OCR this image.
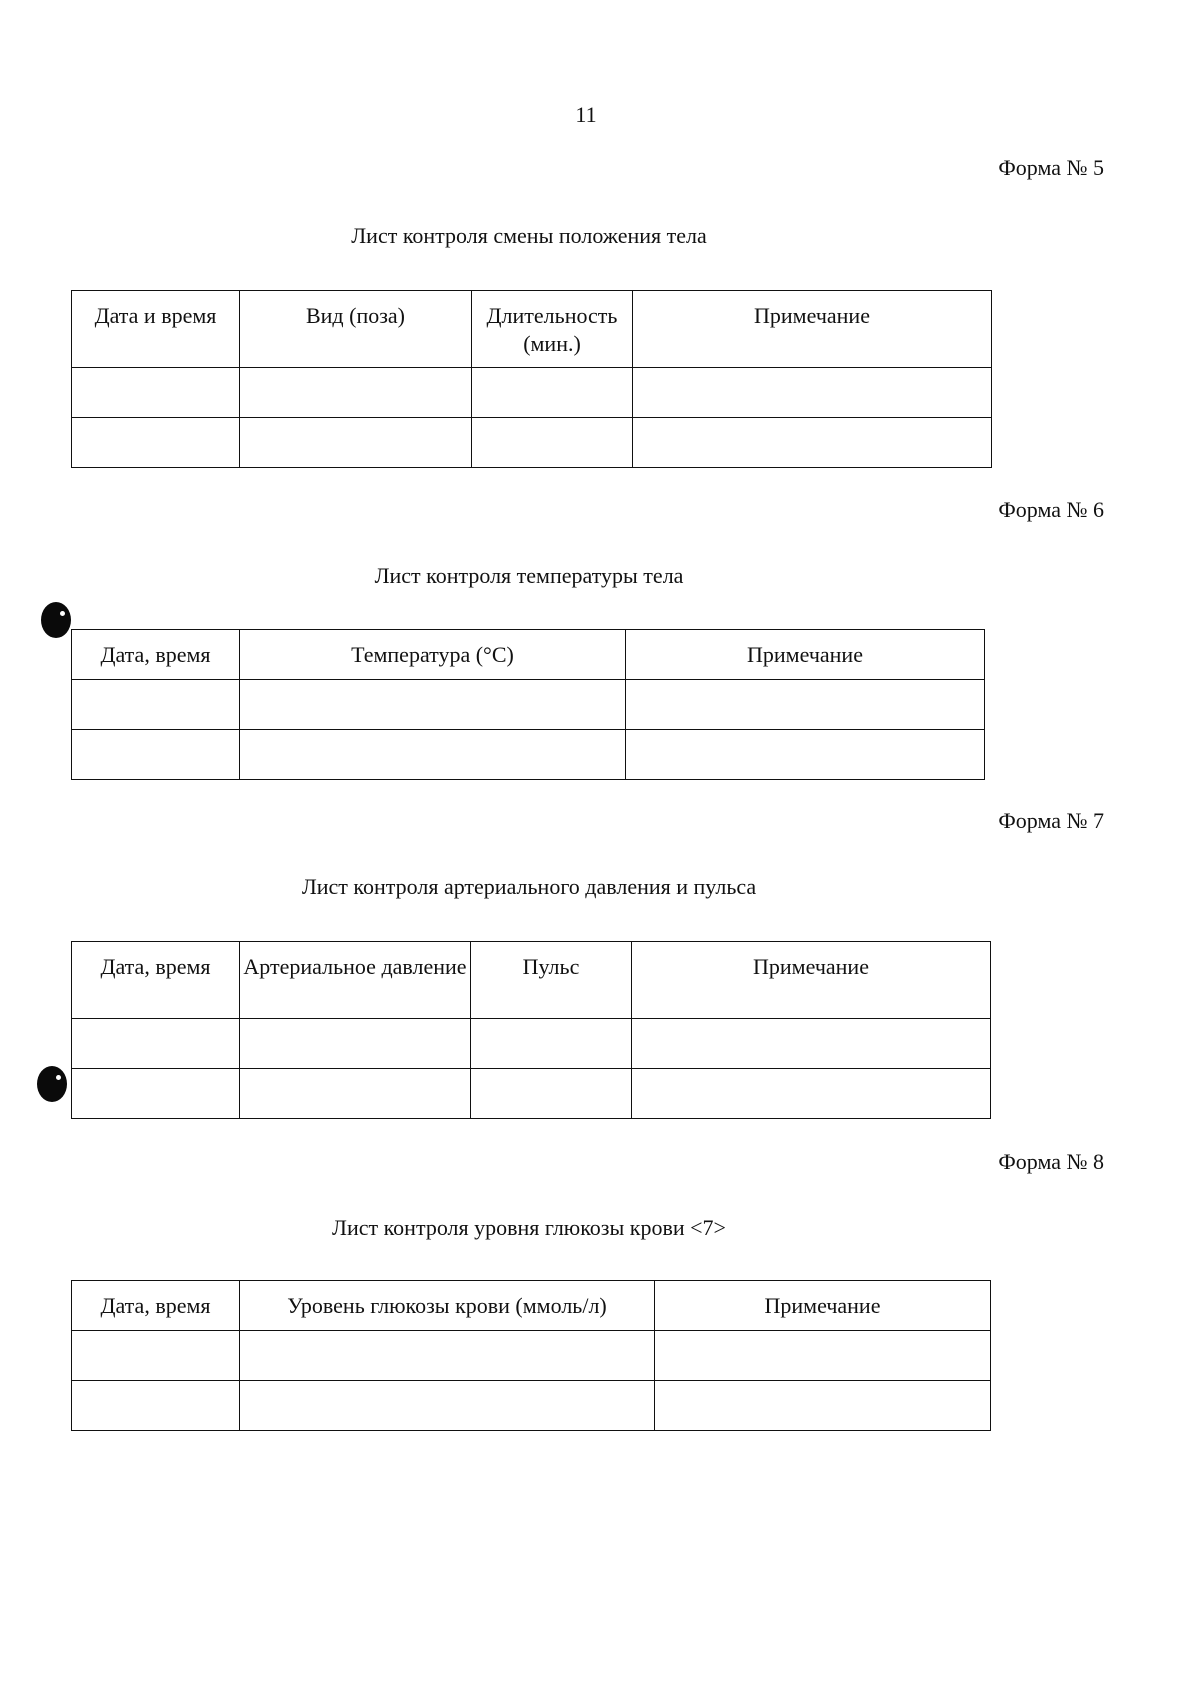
11
Форма № 5
Лист контроля смены положения тела
Дата и время	Вид (поза)	Длительность (мин.)	Примечание

Форма № 6
Лист контроля температуры тела
Дата, время	Температура (°C)	Примечание

Форма № 7
Лист контроля артериального давления и пульса
Дата, время	Артериальное давление	Пульс	Примечание

Форма № 8
Лист контроля уровня глюкозы крови <7>
Дата, время	Уровень глюкозы крови (ммоль/л)	Примечание
